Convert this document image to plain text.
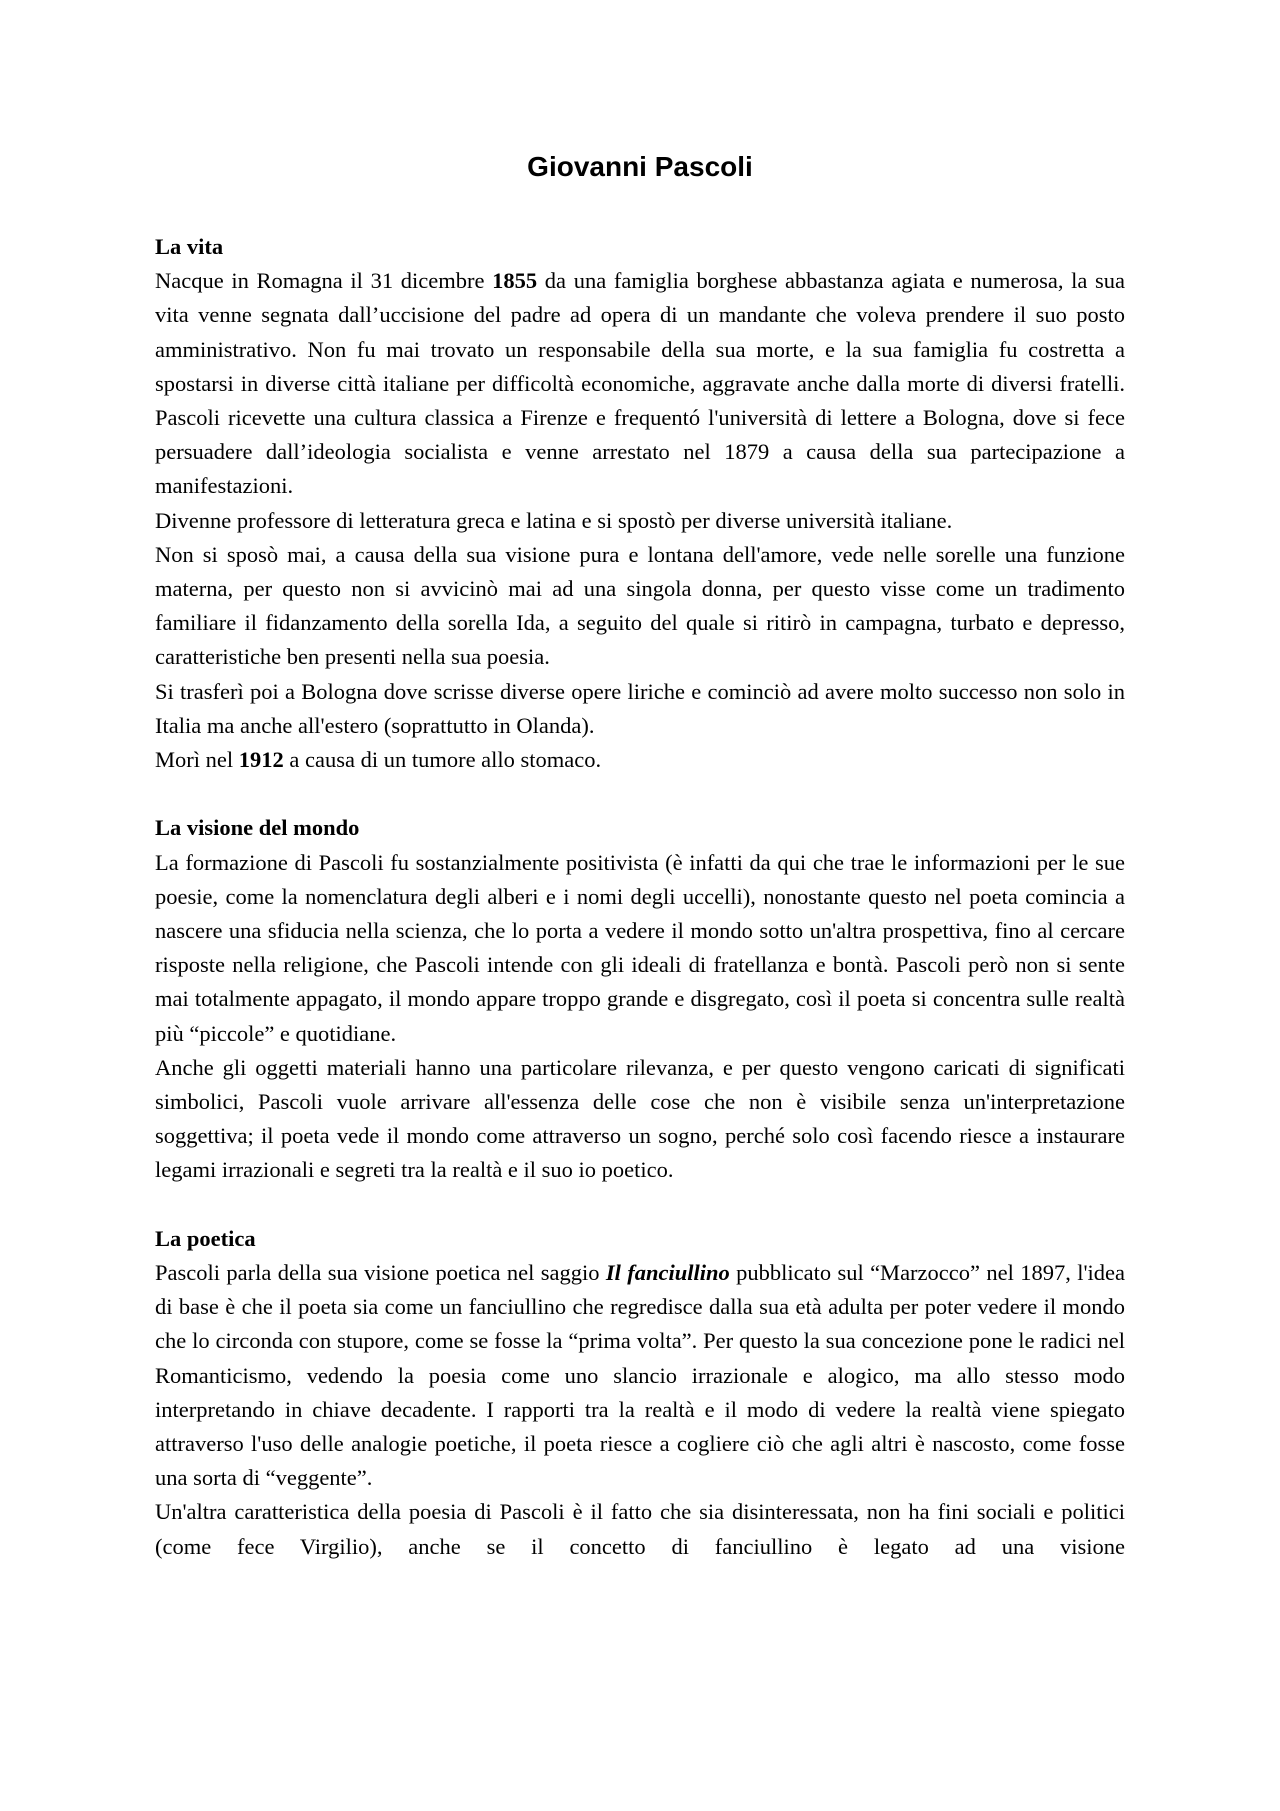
Giovanni Pascoli

La vita

Nacque in Romagna il 31 dicembre 1855 da una famiglia borghese abbastanza agiata e numerosa, la sua vita venne segnata dall’uccisione del padre ad opera di un mandante che voleva prendere il suo posto amministrativo. Non fu mai trovato un responsabile della sua morte, e la sua famiglia fu costretta a spostarsi in diverse città italiane per difficoltà economiche, aggravate anche dalla morte di diversi fratelli. Pascoli ricevette una cultura classica a Firenze e frequentó l'università di lettere a Bologna, dove si fece persuadere dall’ideologia socialista e venne arrestato nel 1879 a causa della sua partecipazione a manifestazioni.

Divenne professore di letteratura greca e latina e si spostò per diverse università italiane.

Non si sposò mai, a causa della sua visione pura e lontana dell'amore, vede nelle sorelle una funzione materna, per questo non si avvicinò mai ad una singola donna, per questo visse come un tradimento familiare il fidanzamento della sorella Ida, a seguito del quale si ritirò in campagna, turbato e depresso, caratteristiche ben presenti nella sua poesia.

Si trasferì poi a Bologna dove scrisse diverse opere liriche e cominciò ad avere molto successo non solo in Italia ma anche all'estero (soprattutto in Olanda).

Morì nel 1912 a causa di un tumore allo stomaco.

La visione del mondo

La formazione di Pascoli fu sostanzialmente positivista (è infatti da qui che trae le informazioni per le sue poesie, come la nomenclatura degli alberi e i nomi degli uccelli), nonostante questo nel poeta comincia a nascere una sfiducia nella scienza, che lo porta a vedere il mondo sotto un'altra prospettiva, fino al cercare risposte nella religione, che Pascoli intende con gli ideali di fratellanza e bontà. Pascoli però non si sente mai totalmente appagato, il mondo appare troppo grande e disgregato, così il poeta si concentra sulle realtà più “piccole” e quotidiane.

Anche gli oggetti materiali hanno una particolare rilevanza, e per questo vengono caricati di significati simbolici, Pascoli vuole arrivare all'essenza delle cose che non è visibile senza un'interpretazione soggettiva; il poeta vede il mondo come attraverso un sogno, perché solo così facendo riesce a instaurare legami irrazionali e segreti tra la realtà e il suo io poetico.

La poetica

Pascoli parla della sua visione poetica nel saggio Il fanciullino pubblicato sul “Marzocco” nel 1897, l'idea di base è che il poeta sia come un fanciullino che regredisce dalla sua età adulta per poter vedere il mondo che lo circonda con stupore, come se fosse la “prima volta”. Per questo la sua concezione pone le radici nel Romanticismo, vedendo la poesia come uno slancio irrazionale e alogico, ma allo stesso modo interpretando in chiave decadente. I rapporti tra la realtà e il modo di vedere la realtà viene spiegato attraverso l'uso delle analogie poetiche, il poeta riesce a cogliere ciò che agli altri è nascosto, come fosse una sorta di “veggente”.

Un'altra caratteristica della poesia di Pascoli è il fatto che sia disinteressata, non ha fini sociali e politici (come fece Virgilio), anche se il concetto di fanciullino è legato ad una visione
